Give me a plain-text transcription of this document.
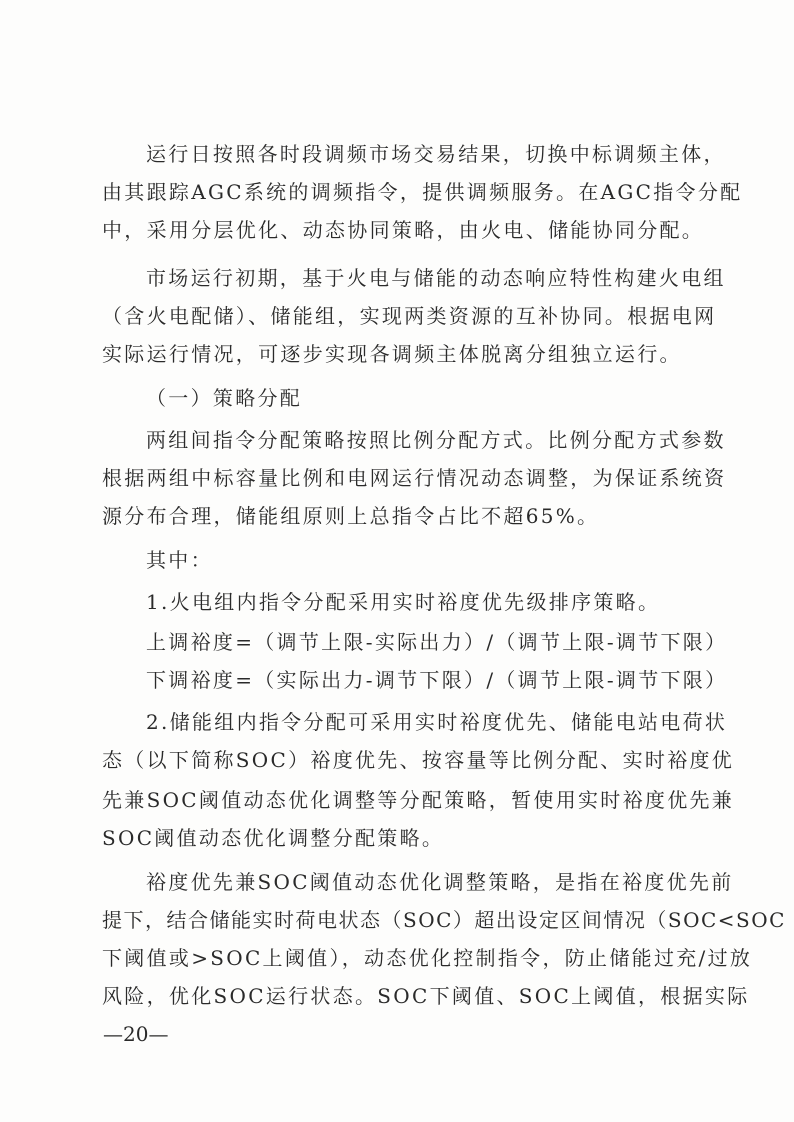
运行日按照各时段调频市场交易结果，切换中标调频主体，
由其跟踪AGC系统的调频指令，提供调频服务。在AGC指令分配
中，采用分层优化、动态协同策略，由火电、储能协同分配。
市场运行初期，基于火电与储能的动态响应特性构建火电组
（含火电配储）、储能组，实现两类资源的互补协同。根据电网
实际运行情况，可逐步实现各调频主体脱离分组独立运行。
（一）策略分配
两组间指令分配策略按照比例分配方式。比例分配方式参数
根据两组中标容量比例和电网运行情况动态调整，为保证系统资
源分布合理，储能组原则上总指令占比不超65%。
其中：
1.火电组内指令分配采用实时裕度优先级排序策略。
上调裕度=（调节上限-实际出力）/（调节上限-调节下限）
下调裕度=（实际出力-调节下限）/（调节上限-调节下限）
2.储能组内指令分配可采用实时裕度优先、储能电站电荷状
态（以下简称SOC）裕度优先、按容量等比例分配、实时裕度优
先兼SOC阈值动态优化调整等分配策略，暂使用实时裕度优先兼
SOC阈值动态优化调整分配策略。
裕度优先兼SOC阈值动态优化调整策略，是指在裕度优先前
提下，结合储能实时荷电状态（SOC）超出设定区间情况（SOC<SOC
下阈值或>SOC上阈值），动态优化控制指令，防止储能过充/过放
风险，优化SOC运行状态。SOC下阈值、SOC上阈值，根据实际
—20—
